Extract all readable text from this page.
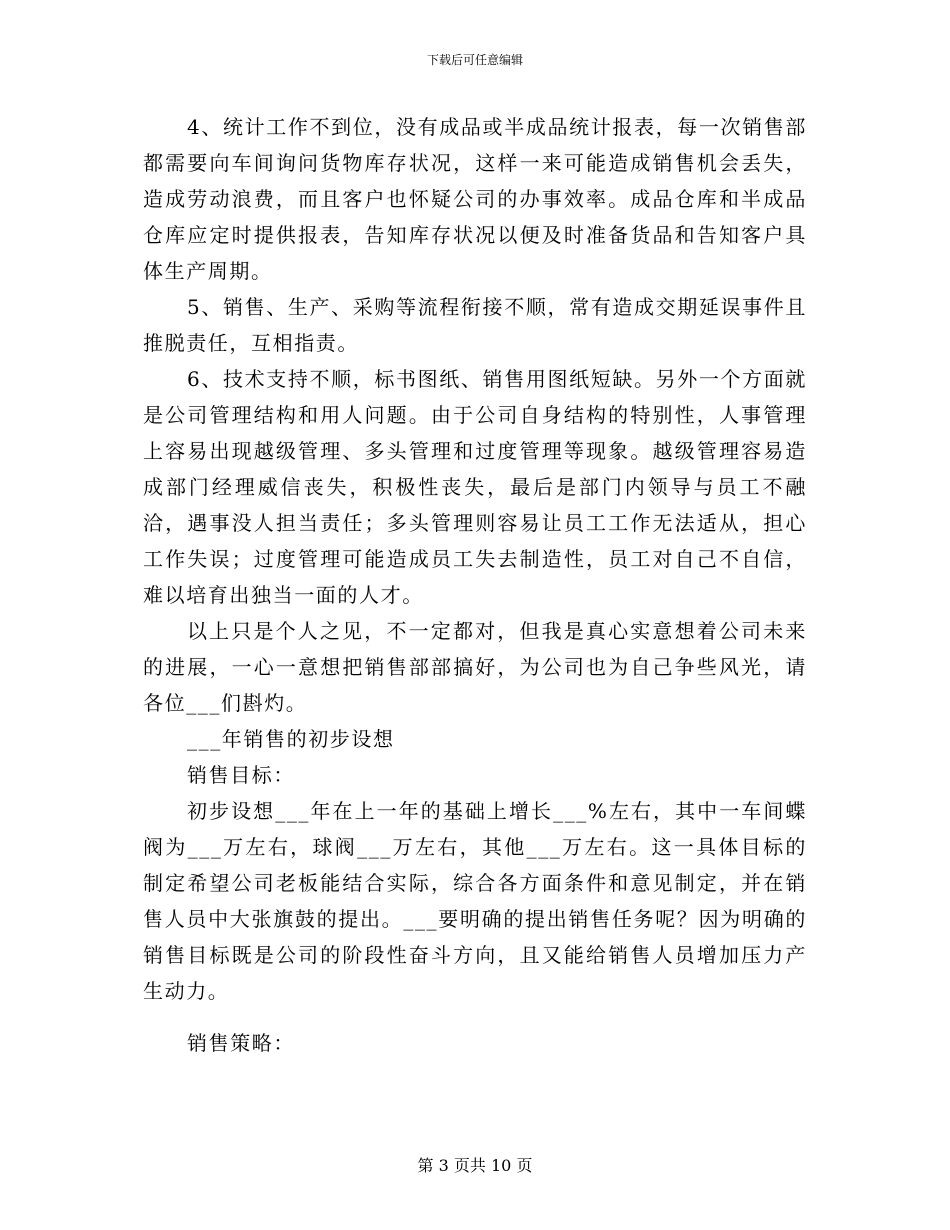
下载后可任意编辑

4、统计工作不到位，没有成品或半成品统计报表，每一次销售部都需要向车间询问货物库存状况，这样一来可能造成销售机会丢失，造成劳动浪费，而且客户也怀疑公司的办事效率。成品仓库和半成品仓库应定时提供报表，告知库存状况以便及时准备货品和告知客户具体生产周期。

5、销售、生产、采购等流程衔接不顺，常有造成交期延误事件且推脱责任，互相指责。

6、技术支持不顺，标书图纸、销售用图纸短缺。另外一个方面就是公司管理结构和用人问题。由于公司自身结构的特别性，人事管理上容易出现越级管理、多头管理和过度管理等现象。越级管理容易造成部门经理威信丧失，积极性丧失，最后是部门内领导与员工不融洽，遇事没人担当责任；多头管理则容易让员工工作无法适从，担心工作失误；过度管理可能造成员工失去制造性，员工对自己不自信，难以培育出独当一面的人才。

以上只是个人之见，不一定都对，但我是真心实意想着公司未来的进展，一心一意想把销售部部搞好，为公司也为自己争些风光，请各位___们斟灼。

___年销售的初步设想

销售目标：

初步设想___年在上一年的基础上增长___%左右，其中一车间蝶阀为___万左右，球阀___万左右，其他___万左右。这一具体目标的制定希望公司老板能结合实际，综合各方面条件和意见制定，并在销售人员中大张旗鼓的提出。___要明确的提出销售任务呢？因为明确的销售目标既是公司的阶段性奋斗方向，且又能给销售人员增加压力产生动力。

销售策略：

第 3 页共 10 页
